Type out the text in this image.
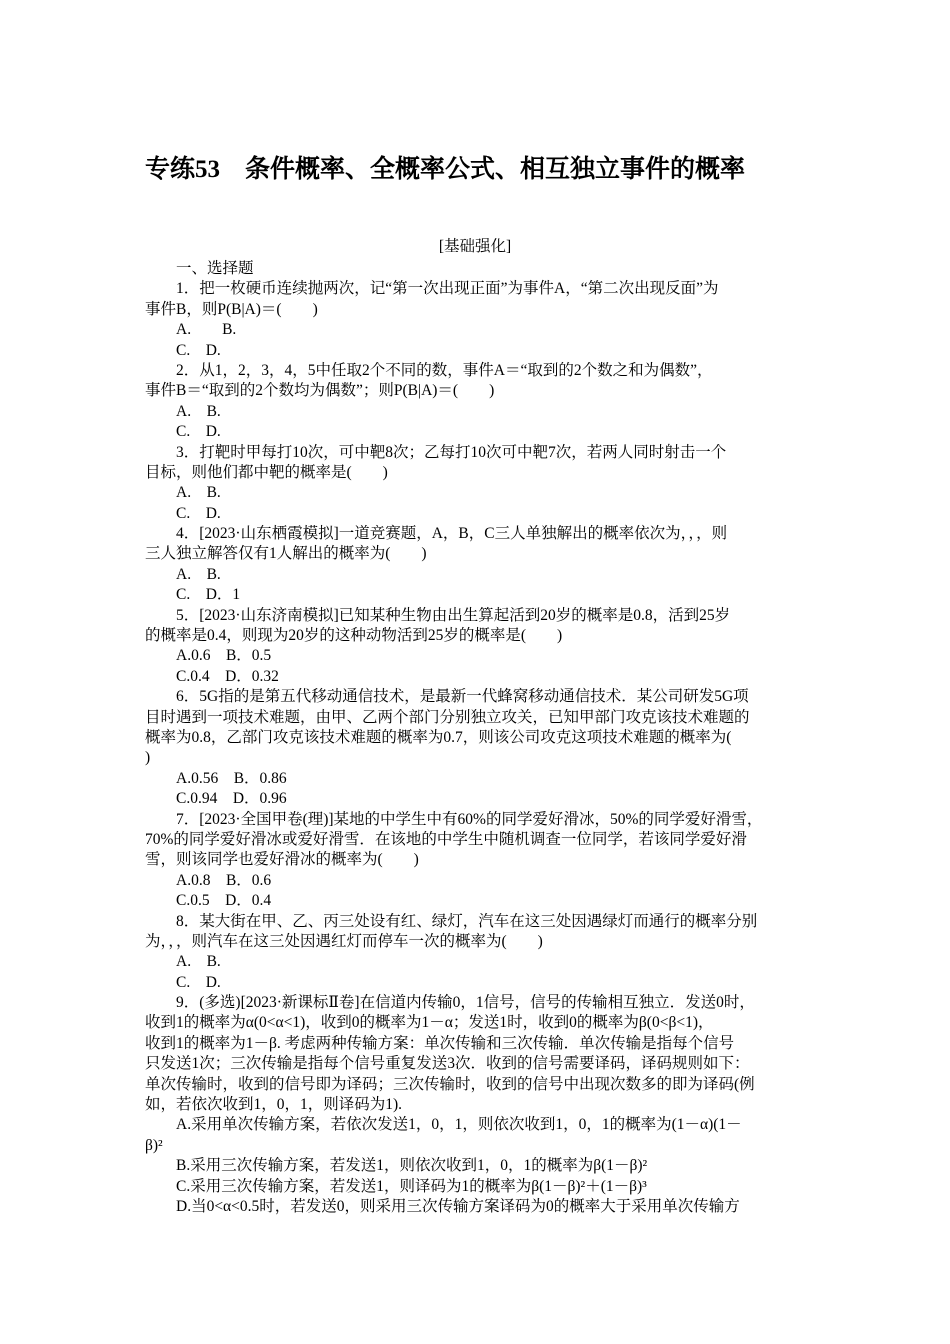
专练53　条件概率、全概率公式、相互独立事件的概率
[基础强化]
一、选择题
1．把一枚硬币连续抛两次，记“第一次出现正面”为事件A，“第二次出现反面”为
事件B，则P(B|A)＝(　　)
A.　　B.
C.　D.
2．从1，2，3，4，5中任取2个不同的数，事件A＝“取到的2个数之和为偶数”，
事件B＝“取到的2个数均为偶数”；则P(B|A)＝(　　)
A.　B.
C.　D.
3．打靶时甲每打10次，可中靶8次；乙每打10次可中靶7次，若两人同时射击一个
目标，则他们都中靶的概率是(　　)
A.　B.
C.　D.
4．[2023·山东栖霞模拟]一道竞赛题，A，B，C三人单独解出的概率依次为，，，则
三人独立解答仅有1人解出的概率为(　　)
A.　B.
C.　D．1
5．[2023·山东济南模拟]已知某种生物由出生算起活到20岁的概率是0.8，活到25岁
的概率是0.4，则现为20岁的这种动物活到25岁的概率是(　　)
A.0.6　B．0.5
C.0.4　D．0.32
6．5G指的是第五代移动通信技术，是最新一代蜂窝移动通信技术．某公司研发5G项
目时遇到一项技术难题，由甲、乙两个部门分别独立攻关，已知甲部门攻克该技术难题的
概率为0.8，乙部门攻克该技术难题的概率为0.7，则该公司攻克这项技术难题的概率为(
)
A.0.56　B．0.86
C.0.94　D．0.96
7．[2023·全国甲卷(理)]某地的中学生中有60%的同学爱好滑冰，50%的同学爱好滑雪，
70%的同学爱好滑冰或爱好滑雪．在该地的中学生中随机调查一位同学，若该同学爱好滑
雪，则该同学也爱好滑冰的概率为(　　)
A.0.8　B．0.6
C.0.5　D．0.4
8．某大街在甲、乙、丙三处设有红、绿灯，汽车在这三处因遇绿灯而通行的概率分别
为，，，则汽车在这三处因遇红灯而停车一次的概率为(　　)
A.　B.
C.　D.
9．(多选)[2023·新课标Ⅱ卷]在信道内传输0，1信号，信号的传输相互独立．发送0时，
收到1的概率为α(0<α<1)，收到0的概率为1－α；发送1时，收到0的概率为β(0<β<1)，
收到1的概率为1－β. 考虑两种传输方案：单次传输和三次传输．单次传输是指每个信号
只发送1次；三次传输是指每个信号重复发送3次．收到的信号需要译码，译码规则如下：
单次传输时，收到的信号即为译码；三次传输时，收到的信号中出现次数多的即为译码(例
如，若依次收到1，0，1，则译码为1).
A.采用单次传输方案，若依次发送1，0，1，则依次收到1，0，1的概率为(1－α)(1－
β)²
B.采用三次传输方案，若发送1，则依次收到1，0，1的概率为β(1－β)²
C.采用三次传输方案，若发送1，则译码为1的概率为β(1－β)²＋(1－β)³
D.当0<α<0.5时，若发送0，则采用三次传输方案译码为0的概率大于采用单次传输方
